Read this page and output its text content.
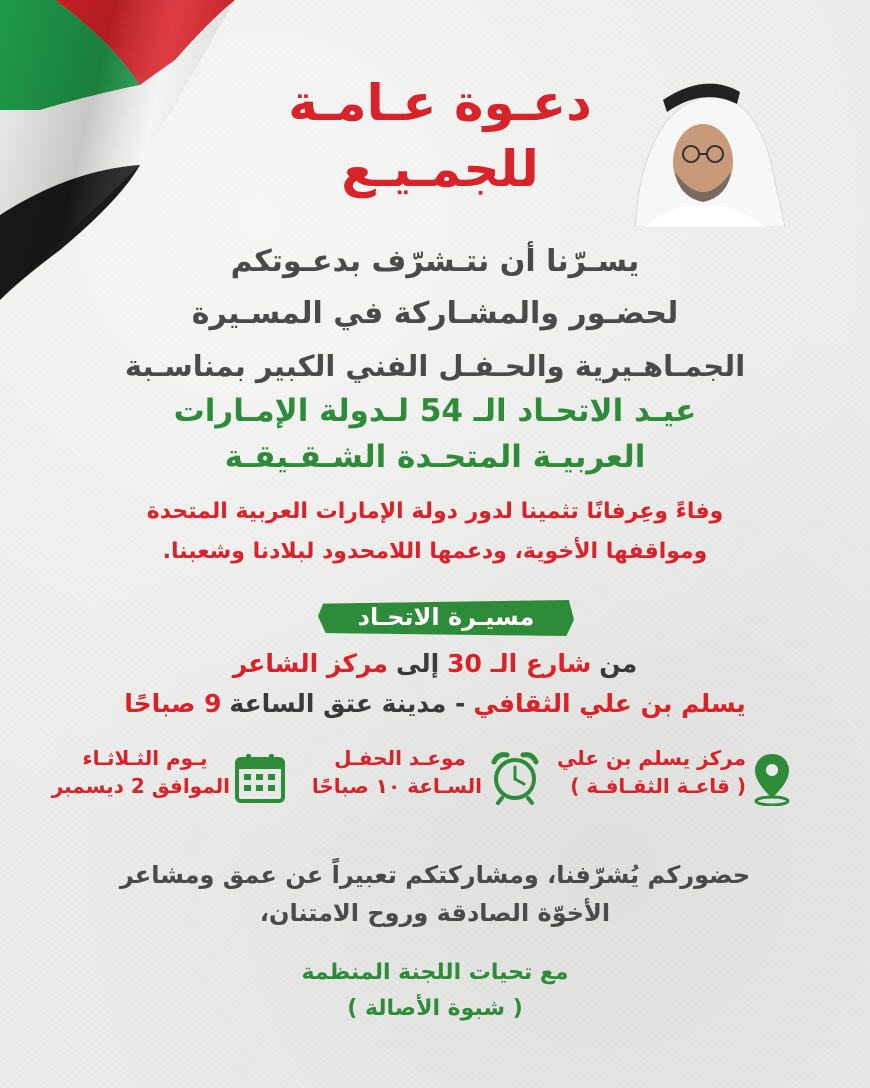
دعـوة عـامـة
للجمـيـع
يسـرّنا أن نتـشرّف بدعـوتكم
لحضـور والمشـاركة في المسـيرة
الجمـاهـيرية والحـفـل الفني الكبير بمناسـبة
عيـد الاتحـاد الـ 54 لـدولة الإمـارات
العربيـة المتحـدة الشـقـيقـة
وفاءً وعِرفانًا تثمينا لدور دولة الإمارات العربية المتحدة
ومواقفها الأخوية، ودعمها اللامحدود لبلادنا وشعبنا.
مسيـرة الاتحـاد
من شارع الـ 30 إلى مركز الشاعر
يسلم بن علي الثقافي - مدينة عتق الساعة 9 صباحًا
مركز يسلم بن علي
( قاعـة الثقـافـة )
موعـد الحفـل
السـاعة ١٠ صباحًا
يـوم الثـلاثـاء
الموافق 2 ديسمبر
حضوركم يُشرّفنا، ومشاركتكم تعبيراً عن عمق ومشاعر
الأخوّة الصادقة وروح الامتنان،
مع تحيات اللجنة المنظمة
( شبوة الأصالة )
